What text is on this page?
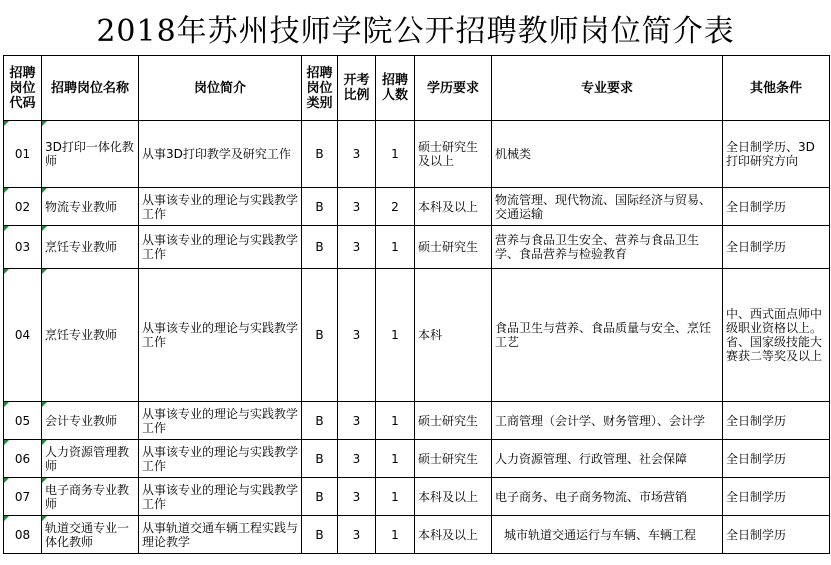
2018年苏州技师学院公开招聘教师岗位简介表
招聘岗位代码	招聘岗位名称	岗位简介	招聘岗位类别	开考比例	招聘人数	学历要求	专业要求	其他条件

01	3D打印一体化教师	从事3D打印教学及研究工作	B	3	1	硕士研究生及以上	机械类	全日制学历、3D打印研究方向

02	物流专业教师	从事该专业的理论与实践教学工作	B	3	2	本科及以上	物流管理、现代物流、国际经济与贸易、交通运输	全日制学历

03	烹饪专业教师	从事该专业的理论与实践教学工作	B	3	1	硕士研究生	营养与食品卫生安全、营养与食品卫生学、食品营养与检验教育	全日制学历

04	烹饪专业教师	从事该专业的理论与实践教学工作	B	3	1	本科	食品卫生与营养、食品质量与安全、烹饪工艺	中、西式面点师中级职业资格以上。省、国家级技能大赛获二等奖及以上

05	会计专业教师	从事该专业的理论与实践教学工作	B	3	1	硕士研究生	工商管理（会计学、财务管理）、会计学	全日制学历

06	人力资源管理教师	从事该专业的理论与实践教学工作	B	3	1	硕士研究生	人力资源管理、行政管理、社会保障	全日制学历

07	电子商务专业教师	从事该专业的理论与实践教学工作	B	3	1	本科及以上	电子商务、电子商务物流、市场营销	全日制学历

08	轨道交通专业一体化教师	从事轨道交通车辆工程实践与理论教学	B	3	1	本科及以上	城市轨道交通运行与车辆、车辆工程	全日制学历
